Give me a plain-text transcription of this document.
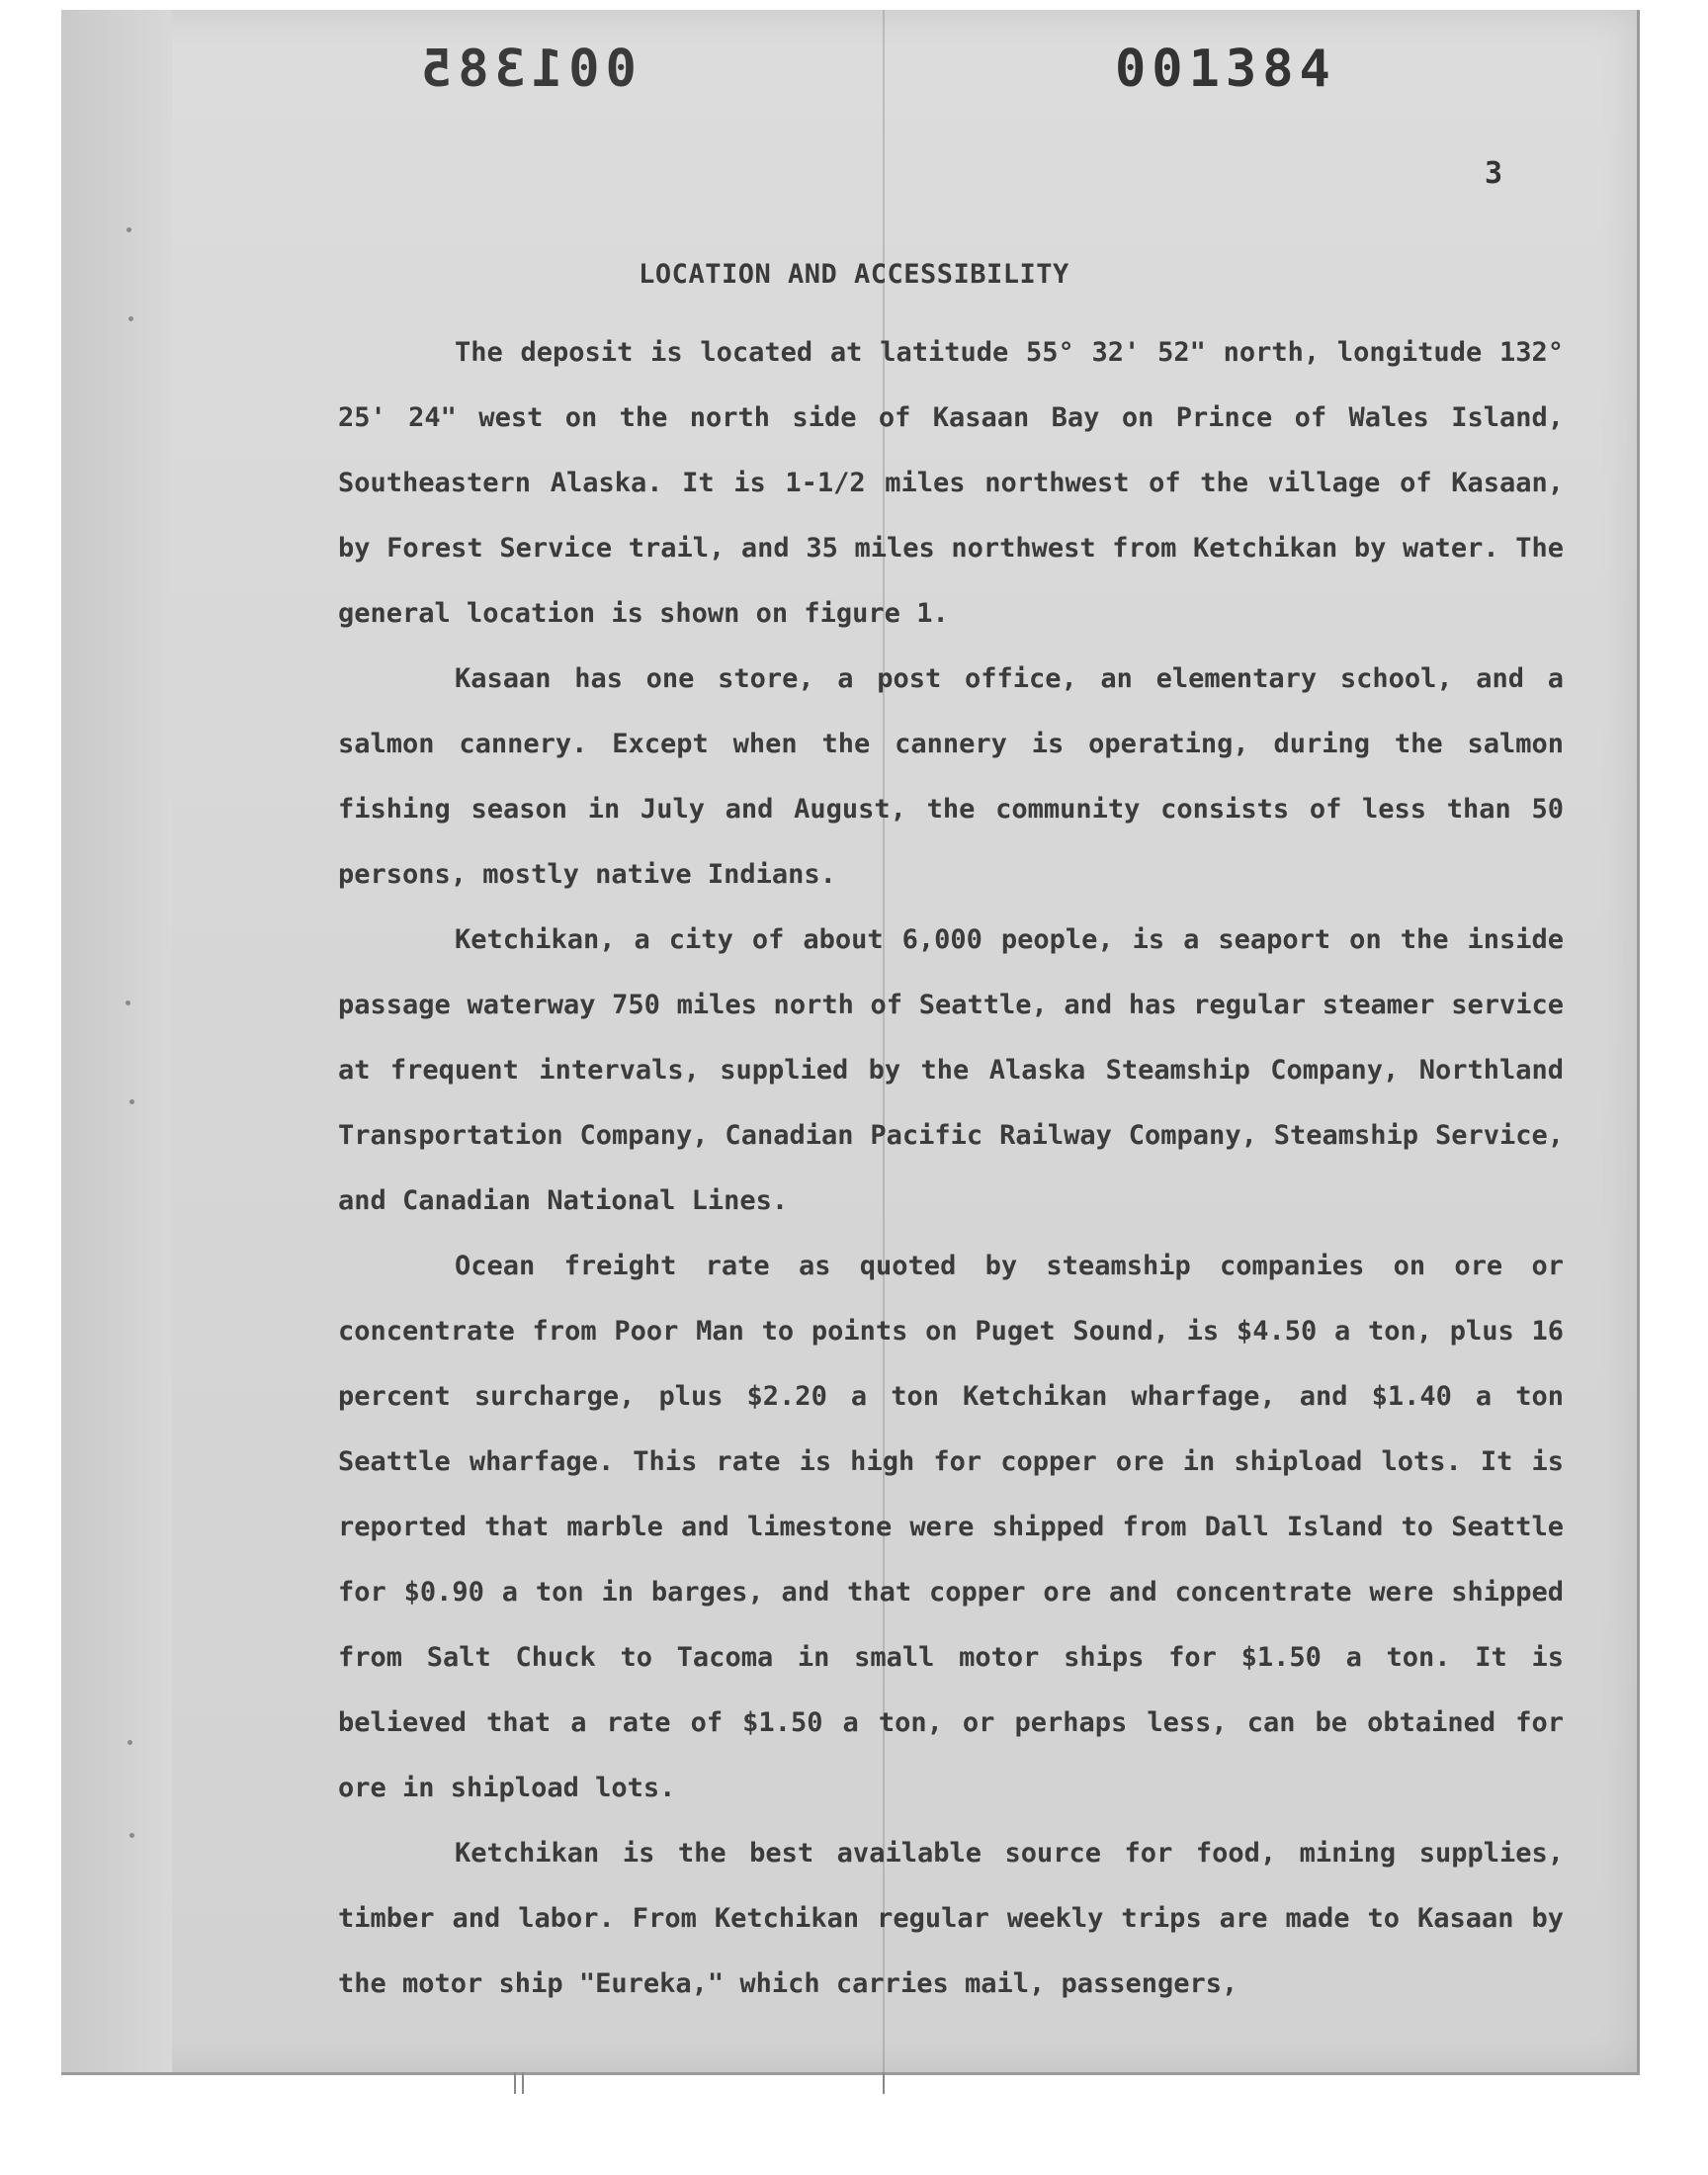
001385	001384
3
LOCATION AND ACCESSIBILITY

The deposit is located at latitude 55° 32' 52" north, longitude 132° 25' 24" west on the north side of Kasaan Bay on Prince of Wales Island, Southeastern Alaska. It is 1-1/2 miles northwest of the village of Kasaan, by Forest Service trail, and 35 miles northwest from Ketchikan by water. The general location is shown on figure 1.

Kasaan has one store, a post office, an elementary school, and a salmon cannery. Except when the cannery is operating, during the salmon fishing season in July and August, the community consists of less than 50 persons, mostly native Indians.

Ketchikan, a city of about 6,000 people, is a seaport on the inside passage waterway 750 miles north of Seattle, and has regular steamer service at frequent intervals, supplied by the Alaska Steamship Company, Northland Transportation Company, Canadian Pacific Railway Company, Steamship Service, and Canadian National Lines.

Ocean freight rate as quoted by steamship companies on ore or concentrate from Poor Man to points on Puget Sound, is $4.50 a ton, plus 16 percent surcharge, plus $2.20 a ton Ketchikan wharfage, and $1.40 a ton Seattle wharfage. This rate is high for copper ore in shipload lots. It is reported that marble and limestone were shipped from Dall Island to Seattle for $0.90 a ton in barges, and that copper ore and concentrate were shipped from Salt Chuck to Tacoma in small motor ships for $1.50 a ton. It is believed that a rate of $1.50 a ton, or perhaps less, can be obtained for ore in shipload lots.

Ketchikan is the best available source for food, mining supplies, timber and labor. From Ketchikan regular weekly trips are made to Kasaan by the motor ship "Eureka," which carries mail, passengers,
